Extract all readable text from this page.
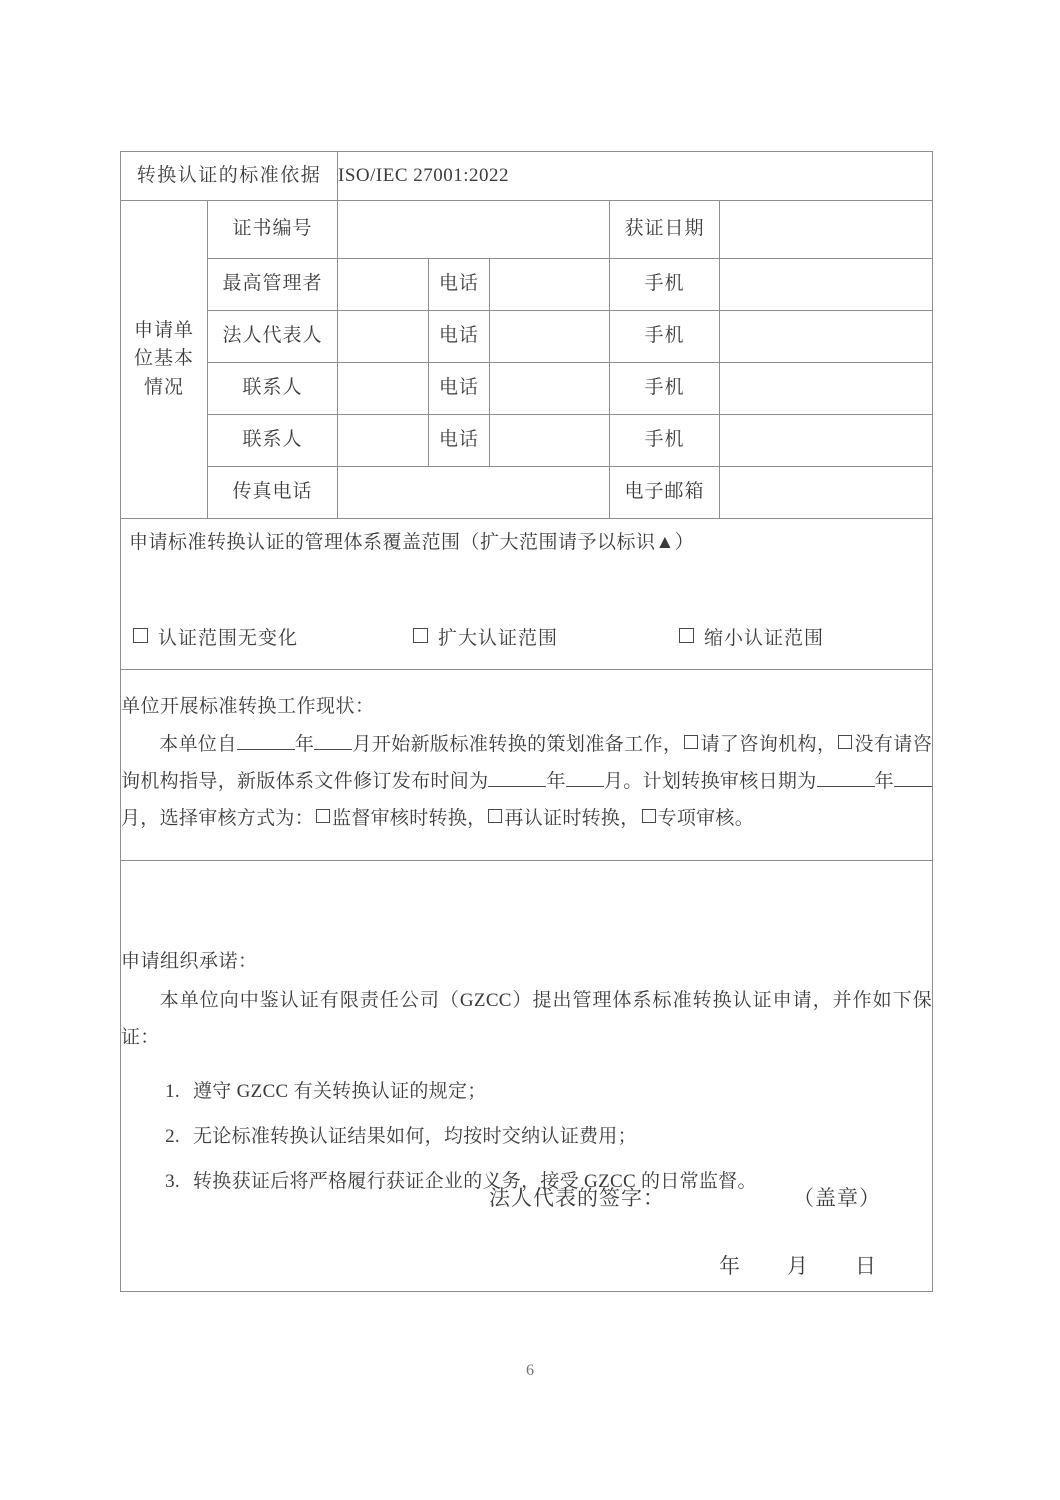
转换认证的标准依据		ISO/IEC 27001:2022				

申请单
位基本
情况	证书编号				获证日期	
	最高管理者		电话		手机	
	法人代表人		电话		手机	
	联系人		电话		手机	
	联系人		电话		手机	
	传真电话				电子邮箱	

申请标准转换认证的管理体系覆盖范围（扩大范围请予以标识▲）
认证范围无变化 扩大认证范围 缩小认证范围						

单位开展标准转换工作现状：
本单位自 年 月开始新版标准转换的策划准备工作， 请了咨询机构， 没有请咨询机构指导，新版体系文件修订发布时间为 年 月。计划转换审核日期为 年月，选择审核方式为： 监督审核时转换， 再认证时转换， 专项审核。						

申请组织承诺：
本单位向中鉴认证有限责任公司（GZCC）提出管理体系标准转换认证申请，并作如下保证：
1. 遵守 GZCC 有关转换认证的规定；
2. 无论标准转换认证结果如何，均按时交纳认证费用；
3. 转换获证后将严格履行获证企业的义务，接受 GZCC 的日常监督。
法人代表的签字：	（盖章）
年 月 日
6
